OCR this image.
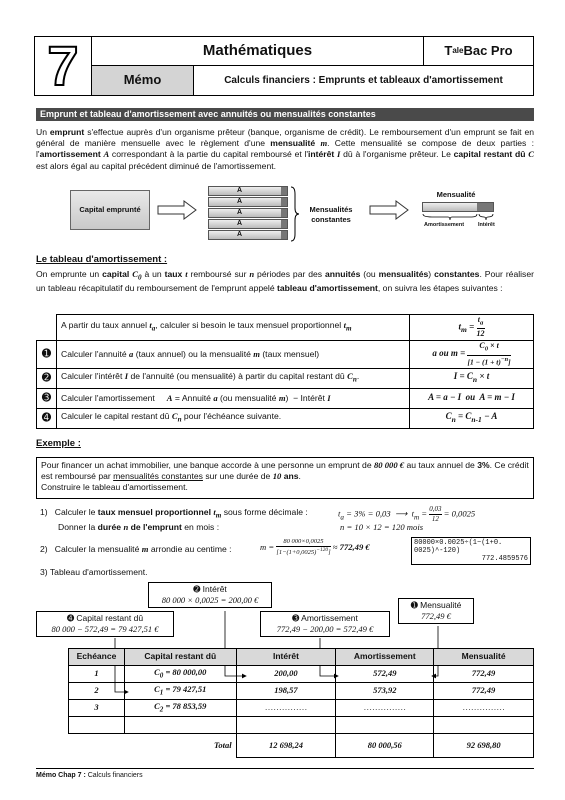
7	Mathématiques	T ale Bac Pro
Mémo	Calculs financiers : Emprunts et tableaux d'amortissement
Emprunt et tableau d'amortissement avec annuités ou mensualités constantes
Un emprunt s'effectue auprès d'un organisme prêteur (banque, organisme de crédit). Le remboursement d'un emprunt se fait en général de manière mensuelle avec le règlement d'une mensualité m. Cette mensualité se compose de deux parties : l'amortissement A correspondant à la partie du capital remboursé et l'intérêt I dû à l'organisme prêteur. Le capital restant dû C est alors égal au capital précédent diminué de l'amortissement.
Capital emprunté
A
A
A
A
A
Mensualités constantes
Mensualité
Amortissement	Intérêt
Le tableau d'amortissement :
On emprunte un capital $C_0$ à un taux t remboursé sur n périodes par des annuités (ou mensualités) constantes. Pour réaliser un tableau récapitulatif du remboursement de l'emprunt appelé tableau d'amortissement, on suivra les étapes suivantes :
	A partir du taux annuel $t_a$, calculer si besoin le taux mensuel proportionnel $t_m$	$t_m = \frac{t_a}{12}$

➊	Calculer l'annuité a (taux annuel) ou la mensualité m (taux mensuel)	a ou $m = \frac{C_0 \times t}{[1 - (1 + t)^{-n}]}$

➋	Calculer l'intérêt I de l'annuité (ou mensualité) à partir du capital restant dû $C_n$.	$I = C_n \times t$
➌	Calculer l'amortissement     A = Annuité a (ou mensualité m)  − Intérêt I	A = a − I  ou  A = m − I
➍	Calculer le capital restant dû $C_n$ pour l'échéance suivante.	$C_n = C_{n-1} - A$
Exemple :
Pour financer un achat immobilier, une banque accorde à une personne un emprunt de 80 000 € au taux annuel de 3%. Ce crédit est remboursé par mensualités constantes sur une durée de 10 ans.
Construire le tableau d'amortissement.
1)   Calculer le taux mensuel proportionnel $t_m$ sous forme décimale :	$t_a = 3\% = 0,03$  ⟶  $t_m = \frac{0,03}{12} = 0,0025$
Donner la durée n de l'emprunt en mois :	n = 10 × 12 = 120 mois
2)   Calculer la mensualité m arrondie au centime :	$m = \frac{80 000\times 0,0025}{[1-(1+0,0025)^{-120}]} \approx 772,49$ €	80000×0.0025÷(1−(1+0.
0025)^-120)
772.4859576
3) Tableau d'amortissement.
➋ Intérêt
80 000 × 0,0025 = 200,00 €
➍ Capital restant dû
80 000 − 572,49 = 79 427,51 €
➌ Amortissement
772,49 − 200,00 = 572,49 €
➊ Mensualité
772,49 €
Echéance	Capital restant dû	Intérêt	Amortissement	Mensualité
1	$C_0 = 80$ 000,00	200,00	572,49	772,49
2	$C_1 = 79$ 427,51	198,57	573,92	772,49
3	$C_2 = 78$ 853,59	……………	……………	……………

	Total	12 698,24	80 000,56	92 698,80
Mémo Chap 7 : Calculs financiers
